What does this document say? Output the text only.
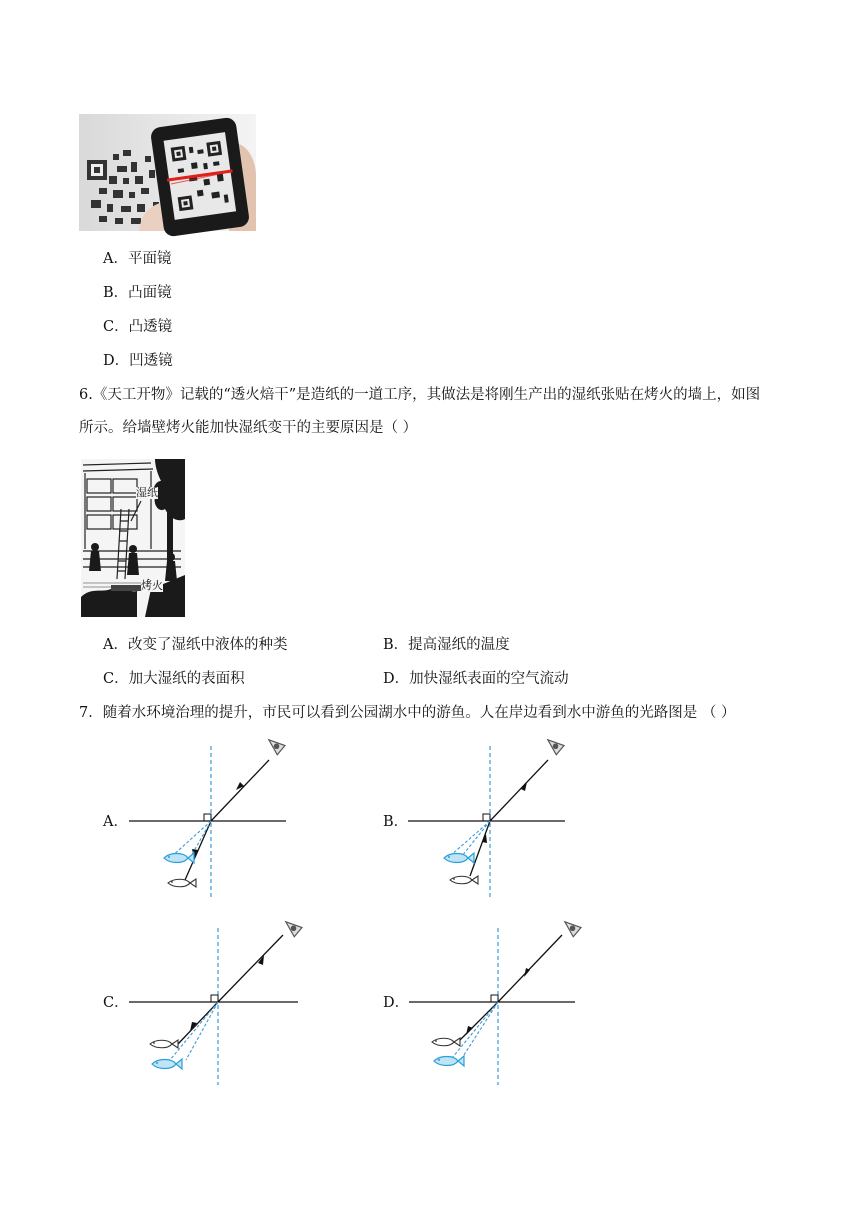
A．平面镜
B．凸面镜
C．凸透镜
D．凹透镜
6.《天工开物》记载的“透火焙干”是造纸的一道工序，其做法是将刚生产出的湿纸张贴在烤火的墙上，如图
所示。给墙壁烤火能加快湿纸变干的主要原因是（ ）
湿纸
烤火
A．改变了湿纸中液体的种类	B．提高湿纸的温度
C．加大湿纸的表面积	D．加快湿纸表面的空气流动
7．随着水环境治理的提升，市民可以看到公园湖水中的游鱼。人在岸边看到水中游鱼的光路图是 （ ）
A．	B．
C．	D．
